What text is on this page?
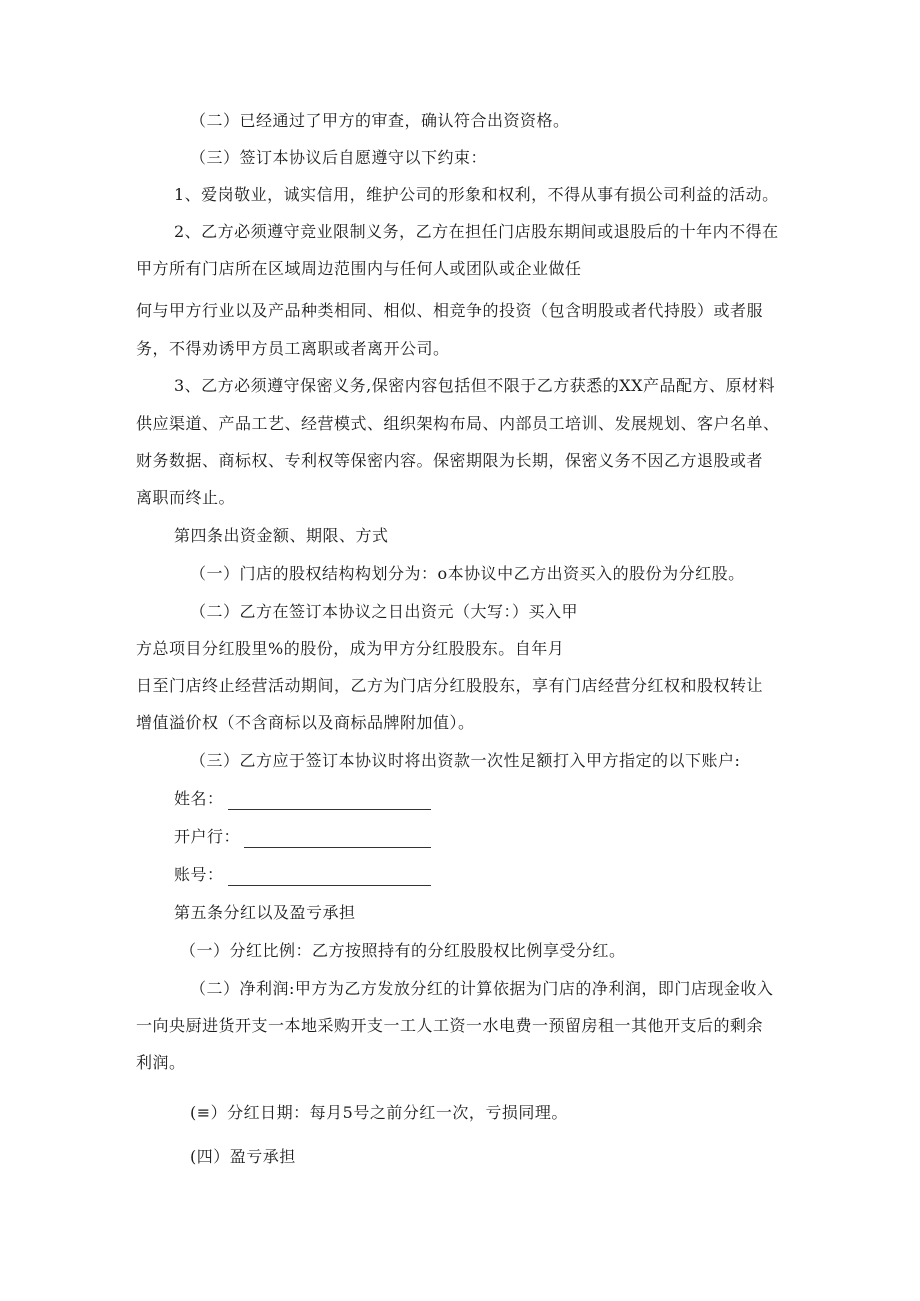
（二）已经通过了甲方的审查，确认符合出资资格。
（三）签订本协议后自愿遵守以下约束：
1、爱岗敬业，诚实信用，维护公司的形象和权利，不得从事有损公司利益的活动。
2、乙方必须遵守竞业限制义务，乙方在担任门店股东期间或退股后的十年内不得在
甲方所有门店所在区域周边范围内与任何人或团队或企业做任
何与甲方行业以及产品种类相同、相似、相竞争的投资（包含明股或者代持股）或者服
务，不得劝诱甲方员工离职或者离开公司。
3、乙方必须遵守保密义务,保密内容包括但不限于乙方获悉的XX产品配方、原材料
供应渠道、产品工艺、经营模式、组织架构布局、内部员工培训、发展规划、客户名单、
财务数据、商标权、专利权等保密内容。保密期限为长期，保密义务不因乙方退股或者
离职而终止。
第四条出资金额、期限、方式
（一）门店的股权结构构划分为：o本协议中乙方出资买入的股份为分红股。
（二）乙方在签订本协议之日出资元（大写：）买入甲
方总项目分红股里%的股份，成为甲方分红股股东。自年月
日至门店终止经营活动期间，乙方为门店分红股股东，享有门店经营分红权和股权转让
增值溢价权（不含商标以及商标品牌附加值）。
（三）乙方应于签订本协议时将出资款一次性足额打入甲方指定的以下账户:
姓名：
开户行：
账号：
第五条分红以及盈亏承担
（一）分红比例：乙方按照持有的分红股股权比例享受分红。
（二）净利润:甲方为乙方发放分红的计算依据为门店的净利润，即门店现金收入
一向央厨进货开支一本地采购开支一工人工资一水电费一预留房租一其他开支后的剩余
利润。
(≡）分红日期：每月5号之前分红一次，亏损同理。
(四）盈亏承担
